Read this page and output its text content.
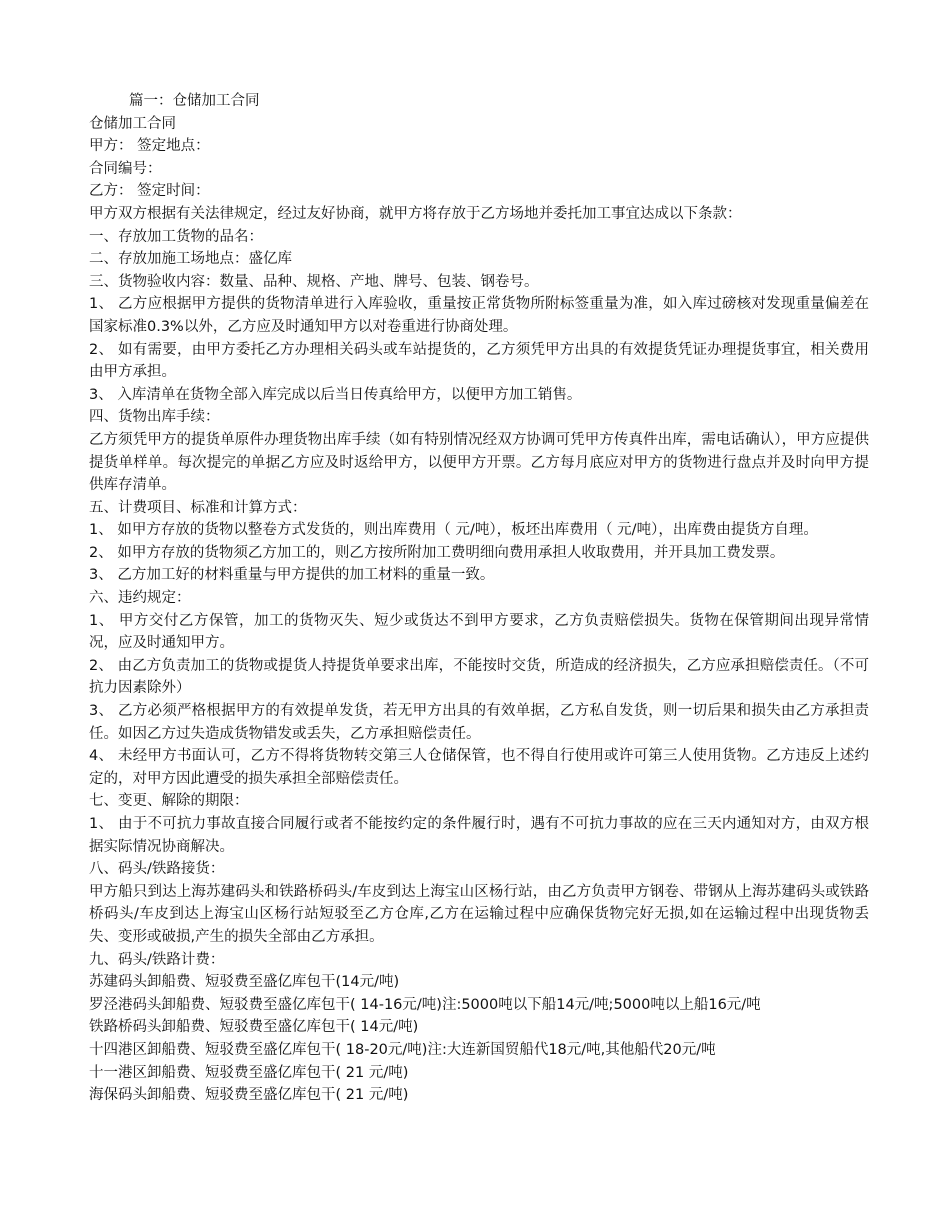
篇一：仓储加工合同
仓储加工合同
甲方： 签定地点：
合同编号：
乙方： 签定时间：
甲方双方根据有关法律规定，经过友好协商，就甲方将存放于乙方场地并委托加工事宜达成以下条款：
一、存放加工货物的品名：
二、存放加施工场地点：盛亿库
三、货物验收内容：数量、品种、规格、产地、牌号、包装、钢卷号。
1、 乙方应根据甲方提供的货物清单进行入库验收，重量按正常货物所附标签重量为准，如入库过磅核对发现重量偏差在国家标准0.3%以外，乙方应及时通知甲方以对卷重进行协商处理。
2、 如有需要，由甲方委托乙方办理相关码头或车站提货的，乙方须凭甲方出具的有效提货凭证办理提货事宜，相关费用由甲方承担。
3、 入库清单在货物全部入库完成以后当日传真给甲方，以便甲方加工销售。
四、货物出库手续：
乙方须凭甲方的提货单原件办理货物出库手续（如有特别情况经双方协调可凭甲方传真件出库，需电话确认），甲方应提供提货单样单。每次提完的单据乙方应及时返给甲方，以便甲方开票。乙方每月底应对甲方的货物进行盘点并及时向甲方提供库存清单。
五、计费项目、标准和计算方式：
1、 如甲方存放的货物以整卷方式发货的，则出库费用（ 元/吨），板坯出库费用（ 元/吨），出库费由提货方自理。
2、 如甲方存放的货物须乙方加工的，则乙方按所附加工费明细向费用承担人收取费用，并开具加工费发票。
3、 乙方加工好的材料重量与甲方提供的加工材料的重量一致。
六、违约规定：
1、 甲方交付乙方保管，加工的货物灭失、短少或货达不到甲方要求，乙方负责赔偿损失。货物在保管期间出现异常情况，应及时通知甲方。
2、 由乙方负责加工的货物或提货人持提货单要求出库，不能按时交货，所造成的经济损失，乙方应承担赔偿责任。（不可抗力因素除外）
3、 乙方必须严格根据甲方的有效提单发货，若无甲方出具的有效单据，乙方私自发货，则一切后果和损失由乙方承担责任。如因乙方过失造成货物错发或丢失，乙方承担赔偿责任。
4、 未经甲方书面认可，乙方不得将货物转交第三人仓储保管，也不得自行使用或许可第三人使用货物。乙方违反上述约定的，对甲方因此遭受的损失承担全部赔偿责任。
七、变更、解除的期限：
1、 由于不可抗力事故直接合同履行或者不能按约定的条件履行时，遇有不可抗力事故的应在三天内通知对方，由双方根据实际情况协商解决。
八、码头/铁路接货：
甲方船只到达上海苏建码头和铁路桥码头/车皮到达上海宝山区杨行站，由乙方负责甲方钢卷、带钢从上海苏建码头或铁路桥码头/车皮到达上海宝山区杨行站短驳至乙方仓库,乙方在运输过程中应确保货物完好无损,如在运输过程中出现货物丢失、变形或破损,产生的损失全部由乙方承担。
九、码头/铁路计费：
苏建码头卸船费、短驳费至盛亿库包干(14元/吨)
罗泾港码头卸船费、短驳费至盛亿库包干( 14-16元/吨)注:5000吨以下船14元/吨;5000吨以上船16元/吨
铁路桥码头卸船费、短驳费至盛亿库包干( 14元/吨)
十四港区卸船费、短驳费至盛亿库包干( 18-20元/吨)注:大连新国贸船代18元/吨,其他船代20元/吨
十一港区卸船费、短驳费至盛亿库包干( 21 元/吨)
海保码头卸船费、短驳费至盛亿库包干( 21 元/吨)
